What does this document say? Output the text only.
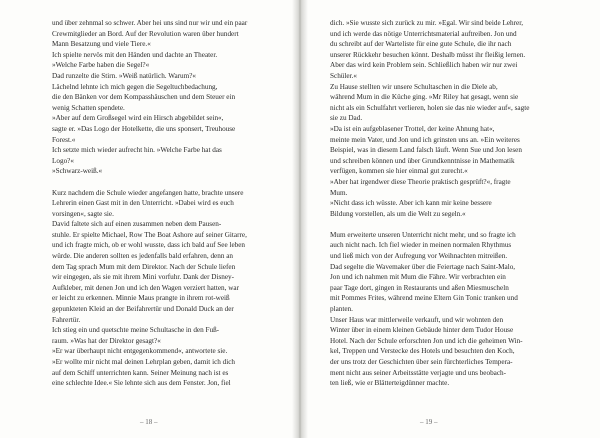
und über zehnmal so schwer. Aber hei uns sind nur wir und ein paar
Crewmitglieder an Bord. Auf der Revolution waren über hundert
Mann Besatzung und viele Tiere.«
Ich spielte nervös mit den Händen und dachte an Theater.
»Welche Farbe haben die Segel?«
Dad runzelte die Stirn. »Weiß natürlich. Warum?«
Lächelnd lehnte ich mich gegen die Segeltuchbedachung,
die den Bänken vor dem Kompasshäuschen und dem Steuer ein
wenig Schatten spendete.
»Aber auf dem Großsegel wird ein Hirsch abgebildet sein«,
sagte er. »Das Logo der Hotelkette, die uns sponsert, Treuhouse
Forest.«
Ich setzte mich wieder aufrecht hin. »Welche Farbe hat das
Logo?«
»Schwarz-weiß.«
Kurz nachdem die Schule wieder angefangen hatte, brachte unsere
Lehrerin einen Gast mit in den Unterricht. »Dabei wird es euch
vorsingen«, sagte sie.
David faltete sich auf einen zusammen neben dem Pausen-
stuhle. Er spielte Michael, Row The Boat Ashore auf seiner Gitarre,
und ich fragte mich, ob er wohl wusste, dass ich bald auf See leben
würde. Die anderen sollten es jedenfalls bald erfahren, denn an
dem Tag sprach Mum mit dem Direktor. Nach der Schule liefen
wir eingegen, als sie mit ihrem Mini vorfuhr. Dank der Disney-
Aufkleber, mit denen Jon und ich den Wagen verziert hatten, war
er leicht zu erkennen. Minnie Maus prangte in ihrem rot-weiß
gepunkteten Kleid an der Beifahrertür und Donald Duck an der
Fahrertür.
Ich stieg ein und quetschte meine Schultasche in den Fuß-
raum. »Was hat der Direktor gesagt?«
»Er war überhaupt nicht entgegenkommend«, antwortete sie.
»Er wollte mir nicht mal deinen Lehrplan geben, damit ich dich
auf dem Schiff unterrichten kann. Seiner Meinung nach ist es
eine schlechte Idee.« Sie lehnte sich aus dem Fenster. Jon, fiel
– 18 –
dich. »Sie wusste sich zurück zu mir. »Egal. Wir sind beide Lehrer,
und ich werde das nötige Unterrichtsmaterial auftreiben. Jon und
du schreibt auf der Warteliste für eine gute Schule, die ihr nach
unserer Rückkehr besuchen könnt. Deshalb müsst ihr fleißig lernen.
Aber das wird kein Problem sein. Schließlich haben wir nur zwei
Schüler.«
Zu Hause stellten wir unsere Schultaschen in die Diele ab,
während Mum in die Küche ging. »Mr Riley hat gesagt, wenn sie
nicht als ein Schulfahrt verlieren, holen sie das nie wieder auf«, sagte
sie zu Dad.
»Da ist ein aufgeblasener Trottel, der keine Ahnung hat«,
meinte mein Vater, und Jon und ich grinsten uns an. »Ein weiteres
Beispiel, was in diesem Land falsch läuft. Wenn Sue und Jon lesen
und schreiben können und über Grundkenntnisse in Mathematik
verfügen, kommen sie hier einmal gut zurecht.«
»Aber hat irgendwer diese Theorie praktisch gesprüft?«, fragte
Mum.
»Nicht dass ich wüsste. Aber ich kann mir keine bessere
Bildung vorstellen, als um die Welt zu segeln.«
Mum erweiterte unseren Unterricht nicht mehr, und so fragte ich
auch nicht nach. Ich fiel wieder in meinen normalen Rhythmus
und ließ mich von der Aufregung vor Weihnachten mitreißen.
Dad segelte die Wavemaker über die Feiertage nach Saint-Malo,
Jon und ich nahmen mit Mum die Fähre. Wir verbrachten ein
paar Tage dort, gingen in Restaurants und aßen Miesmuscheln
mit Pommes Frites, während meine Eltern Gin Tonic tranken und
planten.
Unser Haus war mittlerweile verkauft, und wir wohnten den
Winter über in einem kleinen Gebäude hinter dem Tudor House
Hotel. Nach der Schule erforschten Jon und ich die geheimen Win-
kel, Treppen und Verstecke des Hotels und besuchten den Koch,
der uns trotz der Geschichten über sein fürchterliches Tempera-
ment nicht aus seiner Arbeitsstätte verjagte und uns beobach-
ten ließ, wie er Blätterteigdünner machte.
– 19 –
